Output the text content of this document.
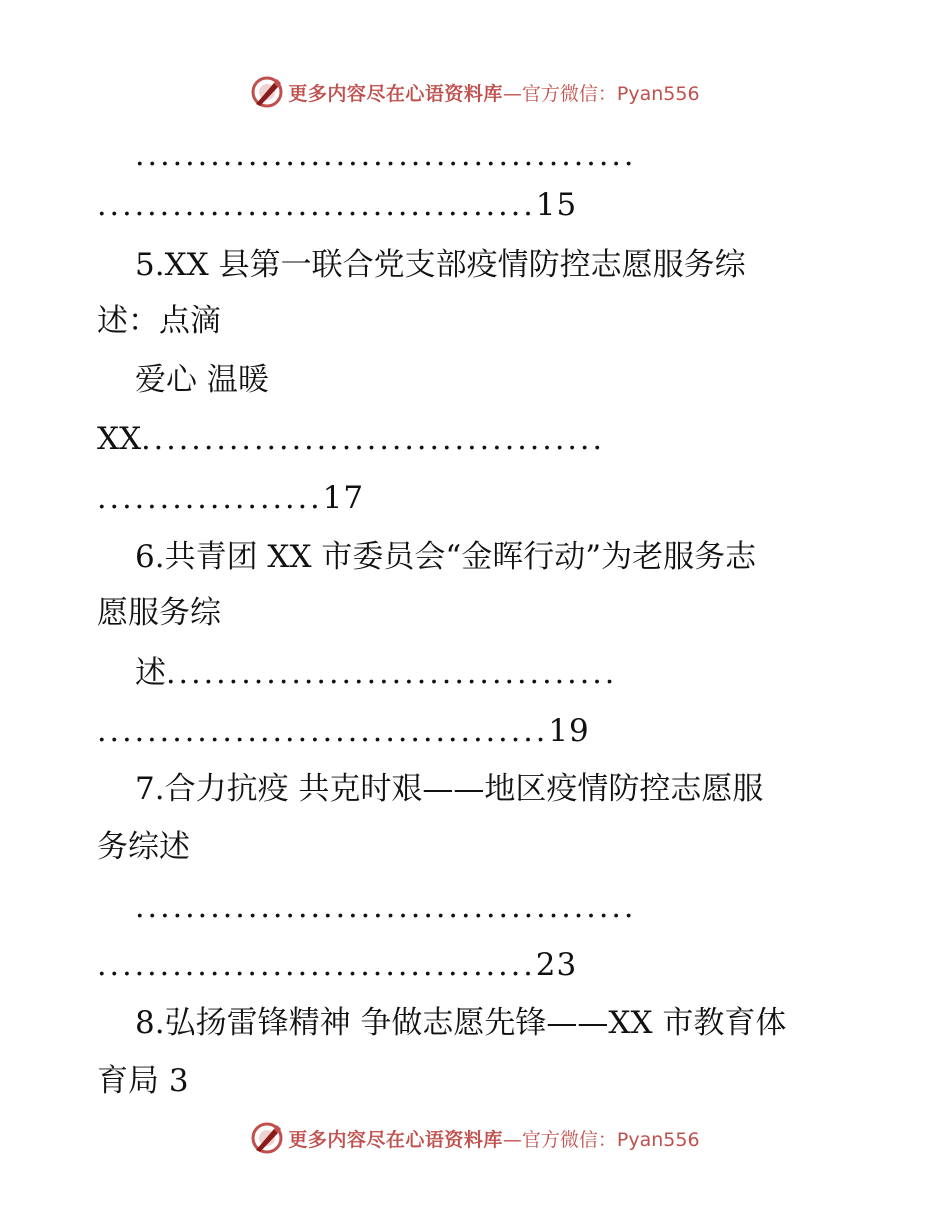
更多内容尽在心语资料库 —官方微信：Pyan556
........................................
...................................15
5.XX 县第一联合党支部疫情防控志愿服务综
述：点滴
爱心 温暖
XX.....................................
..................17
6.共青团 XX 市委员会“金晖行动”为老服务志
愿服务综
述....................................
....................................19
7.合力抗疫 共克时艰——地区疫情防控志愿服
务综述
........................................
...................................23
8.弘扬雷锋精神 争做志愿先锋——XX 市教育体
育局 3
更多内容尽在心语资料库 —官方微信：Pyan556
